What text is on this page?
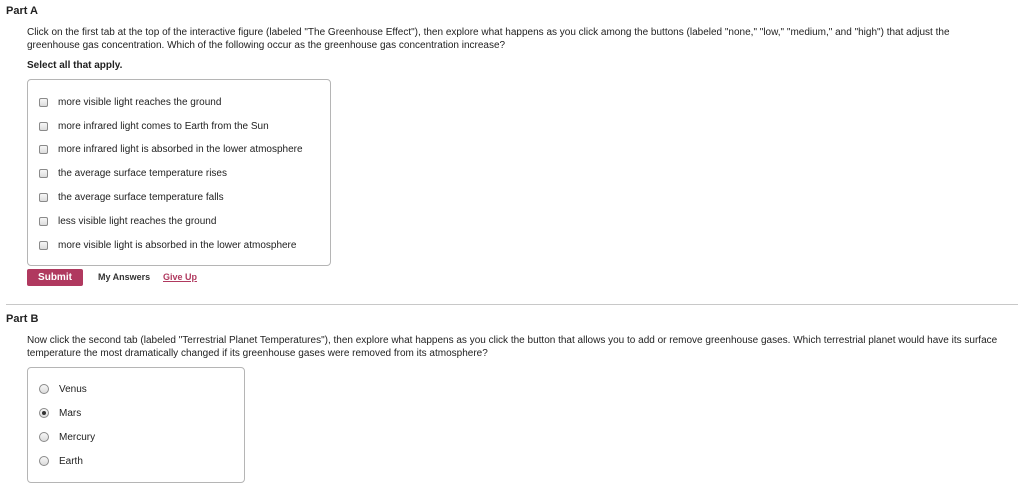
Part A
Click on the first tab at the top of the interactive figure (labeled "The Greenhouse Effect"), then explore what happens as you click among the buttons (labeled "none," "low," "medium," and "high") that adjust the greenhouse gas concentration. Which of the following occur as the greenhouse gas concentration increase?
Select all that apply.
more visible light reaches the ground
more infrared light comes to Earth from the Sun
more infrared light is absorbed in the lower atmosphere
the average surface temperature rises
the average surface temperature falls
less visible light reaches the ground
more visible light is absorbed in the lower atmosphere
Submit	My Answers Give Up
Part B
Now click the second tab (labeled "Terrestrial Planet Temperatures"), then explore what happens as you click the button that allows you to add or remove greenhouse gases. Which terrestrial planet would have its surface temperature the most dramatically changed if its greenhouse gases were removed from its atmosphere?
Venus
Mars
Mercury
Earth
